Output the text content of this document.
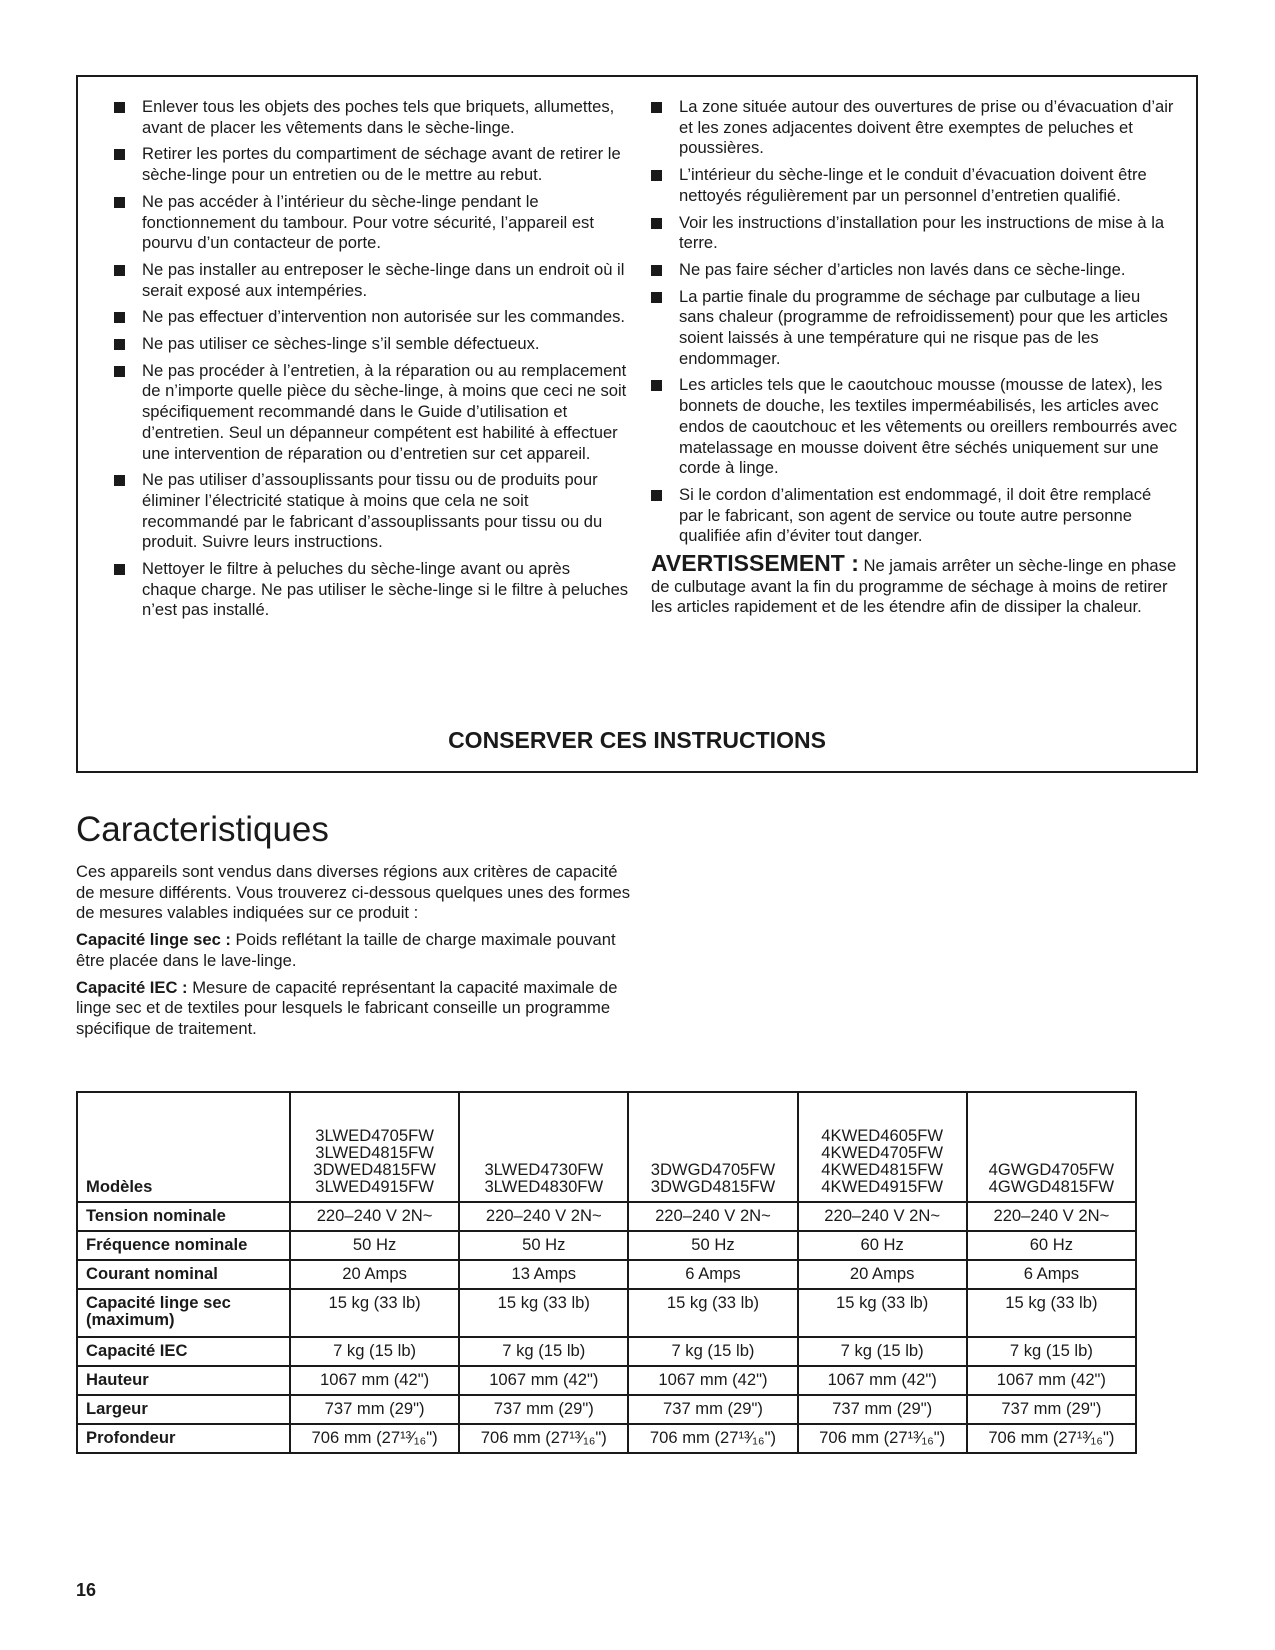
Enlever tous les objets des poches tels que briquets, allumettes, avant de placer les vêtements dans le sèche-linge.
Retirer les portes du compartiment de séchage avant de retirer le sèche-linge pour un entretien ou de le mettre au rebut.
Ne pas accéder à l’intérieur du sèche-linge pendant le fonctionnement du tambour. Pour votre sécurité, l’appareil est pourvu d’un contacteur de porte.
Ne pas installer au entreposer le sèche-linge dans un endroit où il serait exposé aux intempéries.
Ne pas effectuer d’intervention non autorisée sur les commandes.
Ne pas utiliser ce sèches-linge s’il semble défectueux.
Ne pas procéder à l’entretien, à la réparation ou au remplacement de n’importe quelle pièce du sèche-linge, à moins que ceci ne soit spécifiquement recommandé dans le Guide d’utilisation et d’entretien. Seul un dépanneur compétent est habilité à effectuer une intervention de réparation ou d’entretien sur cet appareil.
Ne pas utiliser d’assouplissants pour tissu ou de produits pour éliminer l’électricité statique à moins que cela ne soit recommandé par le fabricant d’assouplissants pour tissu ou du produit. Suivre leurs instructions.
Nettoyer le filtre à peluches du sèche-linge avant ou après chaque charge. Ne pas utiliser le sèche-linge si le filtre à peluches n’est pas installé.
La zone située autour des ouvertures de prise ou d’évacuation d’air et les zones adjacentes doivent être exemptes de peluches et poussières.
L’intérieur du sèche-linge et le conduit d’évacuation doivent être nettoyés régulièrement par un personnel d’entretien qualifié.
Voir les instructions d’installation pour les instructions de mise à la terre.
Ne pas faire sécher d’articles non lavés dans ce sèche-linge.
La partie finale du programme de séchage par culbutage a lieu sans chaleur (programme de refroidissement) pour que les articles soient laissés à une température qui ne risque pas de les endommager.
Les articles tels que le caoutchouc mousse (mousse de latex), les bonnets de douche, les textiles imperméabilisés, les articles avec endos de caoutchouc et les vêtements ou oreillers rembourrés avec matelassage en mousse doivent être séchés uniquement sur une corde à linge.
Si le cordon d’alimentation est endommagé, il doit être remplacé par le fabricant, son agent de service ou toute autre personne qualifiée afin d’éviter tout danger.
AVERTISSEMENT : Ne jamais arrêter un sèche-linge en phase de culbutage avant la fin du programme de séchage à moins de retirer les articles rapidement et de les étendre afin de dissiper la chaleur.
CONSERVER CES INSTRUCTIONS
Caracteristiques

Ces appareils sont vendus dans diverses régions aux critères de capacité de mesure différents. Vous trouverez ci-dessous quelques unes des formes de mesures valables indiquées sur ce produit :

Capacité linge sec : Poids reflétant la taille de charge maximale pouvant être placée dans le lave-linge.

Capacité IEC : Mesure de capacité représentant la capacité maximale de linge sec et de textiles pour lesquels le fabricant conseille un programme spécifique de traitement.

Modèles	3LWED4705FW
3LWED4815FW
3DWED4815FW
3LWED4915FW	3LWED4730FW
3LWED4830FW	3DWGD4705FW
3DWGD4815FW	4KWED4605FW
4KWED4705FW
4KWED4815FW
4KWED4915FW	4GWGD4705FW
4GWGD4815FW
Tension nominale	220–240 V 2N~	220–240 V 2N~	220–240 V 2N~	220–240 V 2N~	220–240 V 2N~
Fréquence nominale	50 Hz	50 Hz	50 Hz	60 Hz	60 Hz
Courant nominal	20 Amps	13 Amps	6 Amps	20 Amps	6 Amps
Capacité linge sec (maximum)	15 kg (33 lb)	15 kg (33 lb)	15 kg (33 lb)	15 kg (33 lb)	15 kg (33 lb)
Capacité IEC	7 kg (15 lb)	7 kg (15 lb)	7 kg (15 lb)	7 kg (15 lb)	7 kg (15 lb)
Hauteur	1067 mm (42")	1067 mm (42")	1067 mm (42")	1067 mm (42")	1067 mm (42")
Largeur	737 mm (29")	737 mm (29")	737 mm (29")	737 mm (29")	737 mm (29")
Profondeur	706 mm (27¹³⁄₁₆")	706 mm (27¹³⁄₁₆")	706 mm (27¹³⁄₁₆")	706 mm (27¹³⁄₁₆")	706 mm (27¹³⁄₁₆")
16
